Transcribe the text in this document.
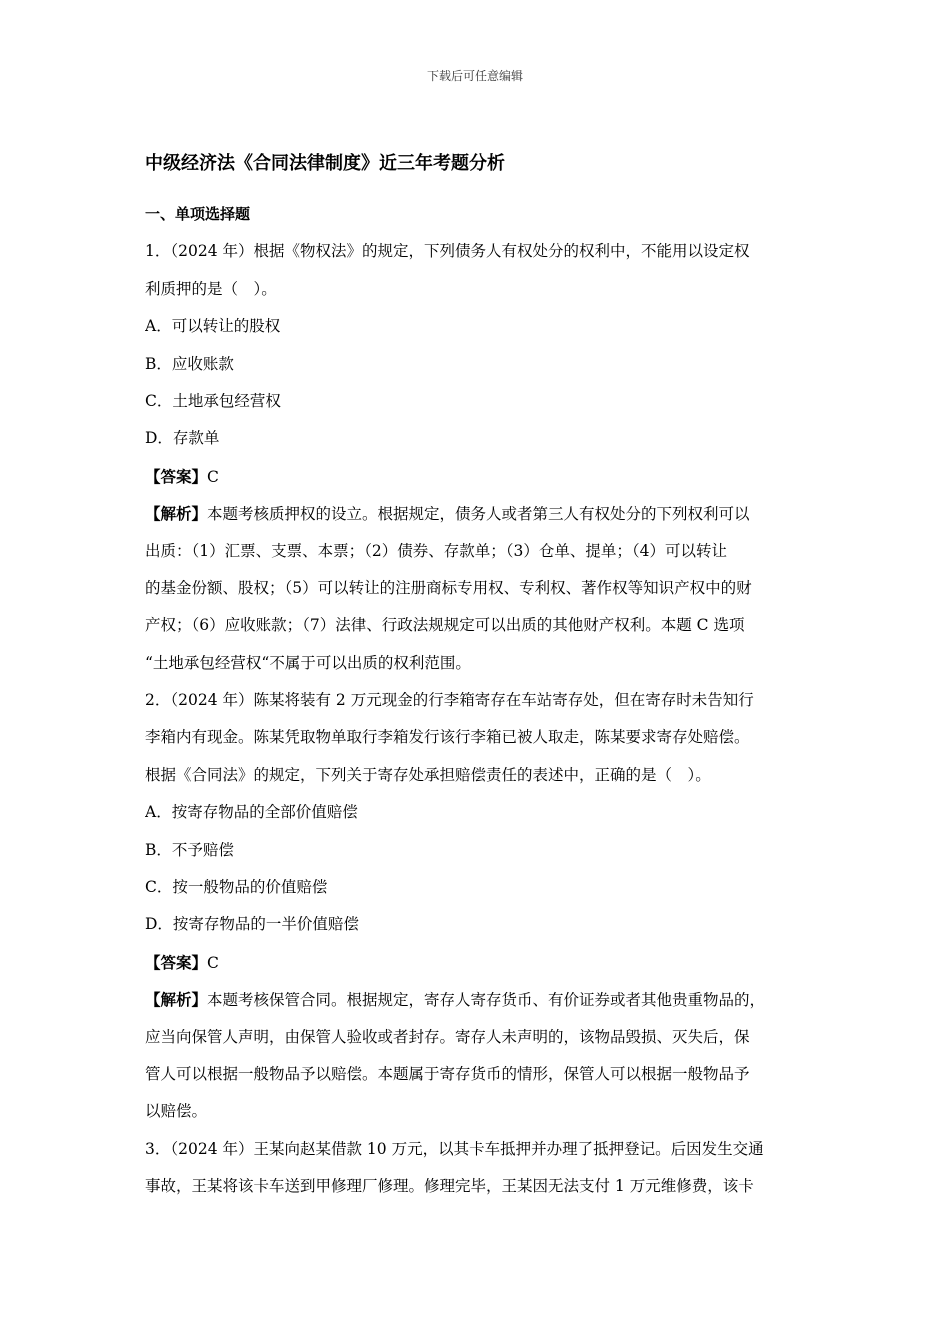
下载后可任意编辑
中级经济法《合同法律制度》近三年考题分析
一、单项选择题
1．（2024 年）根据《物权法》的规定，下列债务人有权处分的权利中，不能用以设定权
利质押的是（　）。
A．可以转让的股权
B．应收账款
C．土地承包经营权
D．存款单
【答案】C
【解析】本题考核质押权的设立。根据规定，债务人或者第三人有权处分的下列权利可以
出质：（1）汇票、支票、本票；（2）债券、存款单；（3）仓单、提单；（4）可以转让
的基金份额、股权；（5）可以转让的注册商标专用权、专利权、著作权等知识产权中的财
产权；（6）应收账款；（7）法律、行政法规规定可以出质的其他财产权利。本题 C 选项
“土地承包经营权“不属于可以出质的权利范围。
2．（2024 年）陈某将装有 2 万元现金的行李箱寄存在车站寄存处，但在寄存时未告知行
李箱内有现金。陈某凭取物单取行李箱发行该行李箱已被人取走，陈某要求寄存处赔偿。
根据《合同法》的规定，下列关于寄存处承担赔偿责任的表述中，正确的是（　）。
A．按寄存物品的全部价值赔偿
B．不予赔偿
C．按一般物品的价值赔偿
D．按寄存物品的一半价值赔偿
【答案】C
【解析】本题考核保管合同。根据规定，寄存人寄存货币、有价证券或者其他贵重物品的，
应当向保管人声明，由保管人验收或者封存。寄存人未声明的，该物品毁损、灭失后，保
管人可以根据一般物品予以赔偿。本题属于寄存货币的情形，保管人可以根据一般物品予
以赔偿。
3．（2024 年）王某向赵某借款 10 万元，以其卡车抵押并办理了抵押登记。后因发生交通
事故，王某将该卡车送到甲修理厂修理。修理完毕，王某因无法支付 1 万元维修费，该卡
